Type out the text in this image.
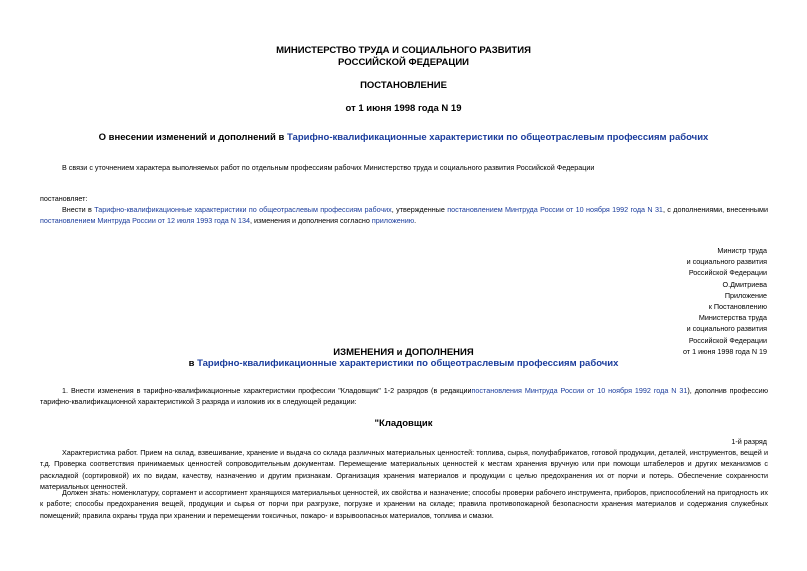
МИНИСТЕРСТВО ТРУДА И СОЦИАЛЬНОГО РАЗВИТИЯ
РОССИЙСКОЙ ФЕДЕРАЦИИ
ПОСТАНОВЛЕНИЕ
от 1 июня 1998 года N 19
О внесении изменений и дополнений в Тарифно-квалификационные характеристики по общеотраслевым профессиям рабочих
В связи с уточнением характера выполняемых работ по отдельным профессиям рабочих Министерство труда и социального развития Российской Федерации
постановляет:
Внести в Тарифно-квалификационные характеристики по общеотраслевым профессиям рабочих, утвержденные постановлением Минтруда России от 10 ноября 1992 года N 31, с дополнениями, внесенными постановлением Минтруда России от 12 июля 1993 года N 134, изменения и дополнения согласно приложению.
Министр труда
и социального развития
Российской Федерации
О.Дмитриева
Приложение
к Постановлению
Министерства труда
и социального развития
Российской Федерации
от 1 июня 1998 года N 19
ИЗМЕНЕНИЯ и ДОПОЛНЕНИЯ
в Тарифно-квалификационные характеристики по общеотраслевым профессиям рабочих
1. Внести изменения в тарифно-квалификационные характеристики профессии "Кладовщик" 1-2 разрядов (в редакциипостановления Минтруда России от 10 ноября 1992 года N 31), дополнив профессию тарифно-квалификационной характеристикой 3 разряда и изложив их в следующей редакции:
"Кладовщик
1-й разряд
Характеристика работ. Прием на склад, взвешивание, хранение и выдача со склада различных материальных ценностей: топлива, сырья, полуфабрикатов, готовой продукции, деталей, инструментов, вещей и т.д. Проверка соответствия принимаемых ценностей сопроводительным документам. Перемещение материальных ценностей к местам хранения вручную или при помощи штабелеров и других механизмов с раскладкой (сортировкой) их по видам, качеству, назначению и другим признакам. Организация хранения материалов и продукции с целью предохранения их от порчи и потерь. Обеспечение сохранности материальных ценностей.
Должен знать: номенклатуру, сортамент и ассортимент хранящихся материальных ценностей, их свойства и назначение; способы проверки рабочего инструмента, приборов, приспособлений на пригодность их к работе; способы предохранения вещей, продукции и сырья от порчи при разгрузке, погрузке и хранении на складе; правила противопожарной безопасности хранения материалов и содержания служебных помещений; правила охраны труда при хранении и перемещении токсичных, пожаро- и взрывоопасных материалов, топлива и смазки.
